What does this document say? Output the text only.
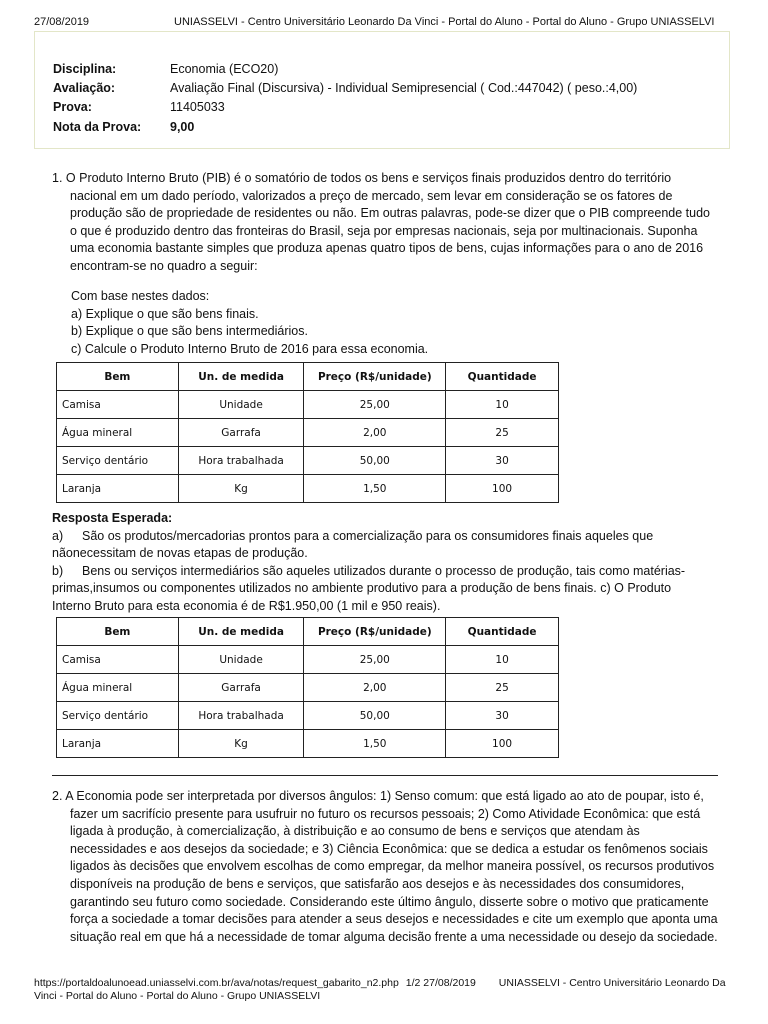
27/08/2019	UNIASSELVI - Centro Universitário Leonardo Da Vinci - Portal do Aluno - Portal do Aluno - Grupo UNIASSELVI
Disciplina:	Economia (ECO20)
Avaliação:	Avaliação Final (Discursiva) - Individual Semipresencial ( Cod.:447042) ( peso.:4,00)
Prova:	11405033
Nota da Prova: 9,00

1. O Produto Interno Bruto (PIB) é o somatório de todos os bens e serviços finais produzidos dentro do território nacional em um dado período, valorizados a preço de mercado, sem levar em consideração se os fatores de produção são de propriedade de residentes ou não. Em outras palavras, pode-se dizer que o PIB compreende tudo o que é produzido dentro das fronteiras do Brasil, seja por empresas nacionais, seja por multinacionais. Suponha uma economia bastante simples que produza apenas quatro tipos de bens, cujas informações para o ano de 2016 encontram-se no quadro a seguir:

Com base nestes dados:
a) Explique o que são bens finais.
b) Explique o que são bens intermediários.
c) Calcule o Produto Interno Bruto de 2016 para essa economia.
Bem	Un. de medida	Preço (R$/unidade)	Quantidade
Camisa	Unidade	25,00	10
Água mineral	Garrafa	2,00	25
Serviço dentário	Hora trabalhada	50,00	30
Laranja	Kg	1,50	100

Resposta Esperada:

a) São os produtos/mercadorias prontos para a comercialização para os consumidores finais aqueles que nãonecessitam de novas etapas de produção.

b) Bens ou serviços intermediários são aqueles utilizados durante o processo de produção, tais como matérias-primas,insumos ou componentes utilizados no ambiente produtivo para a produção de bens finais. c) O Produto Interno Bruto para esta economia é de R$1.950,00 (1 mil e 950 reais).

Bem	Un. de medida	Preço (R$/unidade)	Quantidade
Camisa	Unidade	25,00	10
Água mineral	Garrafa	2,00	25
Serviço dentário	Hora trabalhada	50,00	30
Laranja	Kg	1,50	100

2. A Economia pode ser interpretada por diversos ângulos: 1) Senso comum: que está ligado ao ato de poupar, isto é, fazer um sacrifício presente para usufruir no futuro os recursos pessoais; 2) Como Atividade Econômica: que está ligada à produção, à comercialização, à distribuição e ao consumo de bens e serviços que atendam às necessidades e aos desejos da sociedade; e 3) Ciência Econômica: que se dedica a estudar os fenômenos sociais ligados às decisões que envolvem escolhas de como empregar, da melhor maneira possível, os recursos produtivos disponíveis na produção de bens e serviços, que satisfarão aos desejos e às necessidades dos consumidores, garantindo seu futuro como sociedade. Considerando este último ângulo, disserte sobre o motivo que praticamente força a sociedade a tomar decisões para atender a seus desejos e necessidades e cite um exemplo que aponta uma situação real em que há a necessidade de tomar alguma decisão frente a uma necessidade ou desejo da sociedade.

https://portaldoalunoead.uniasselvi.com.br/ava/notas/request_gabarito_n2.php 1/2 27/08/2019 UNIASSELVI - Centro Universitário Leonardo Da Vinci - Portal do Aluno - Portal do Aluno - Grupo UNIASSELVI
